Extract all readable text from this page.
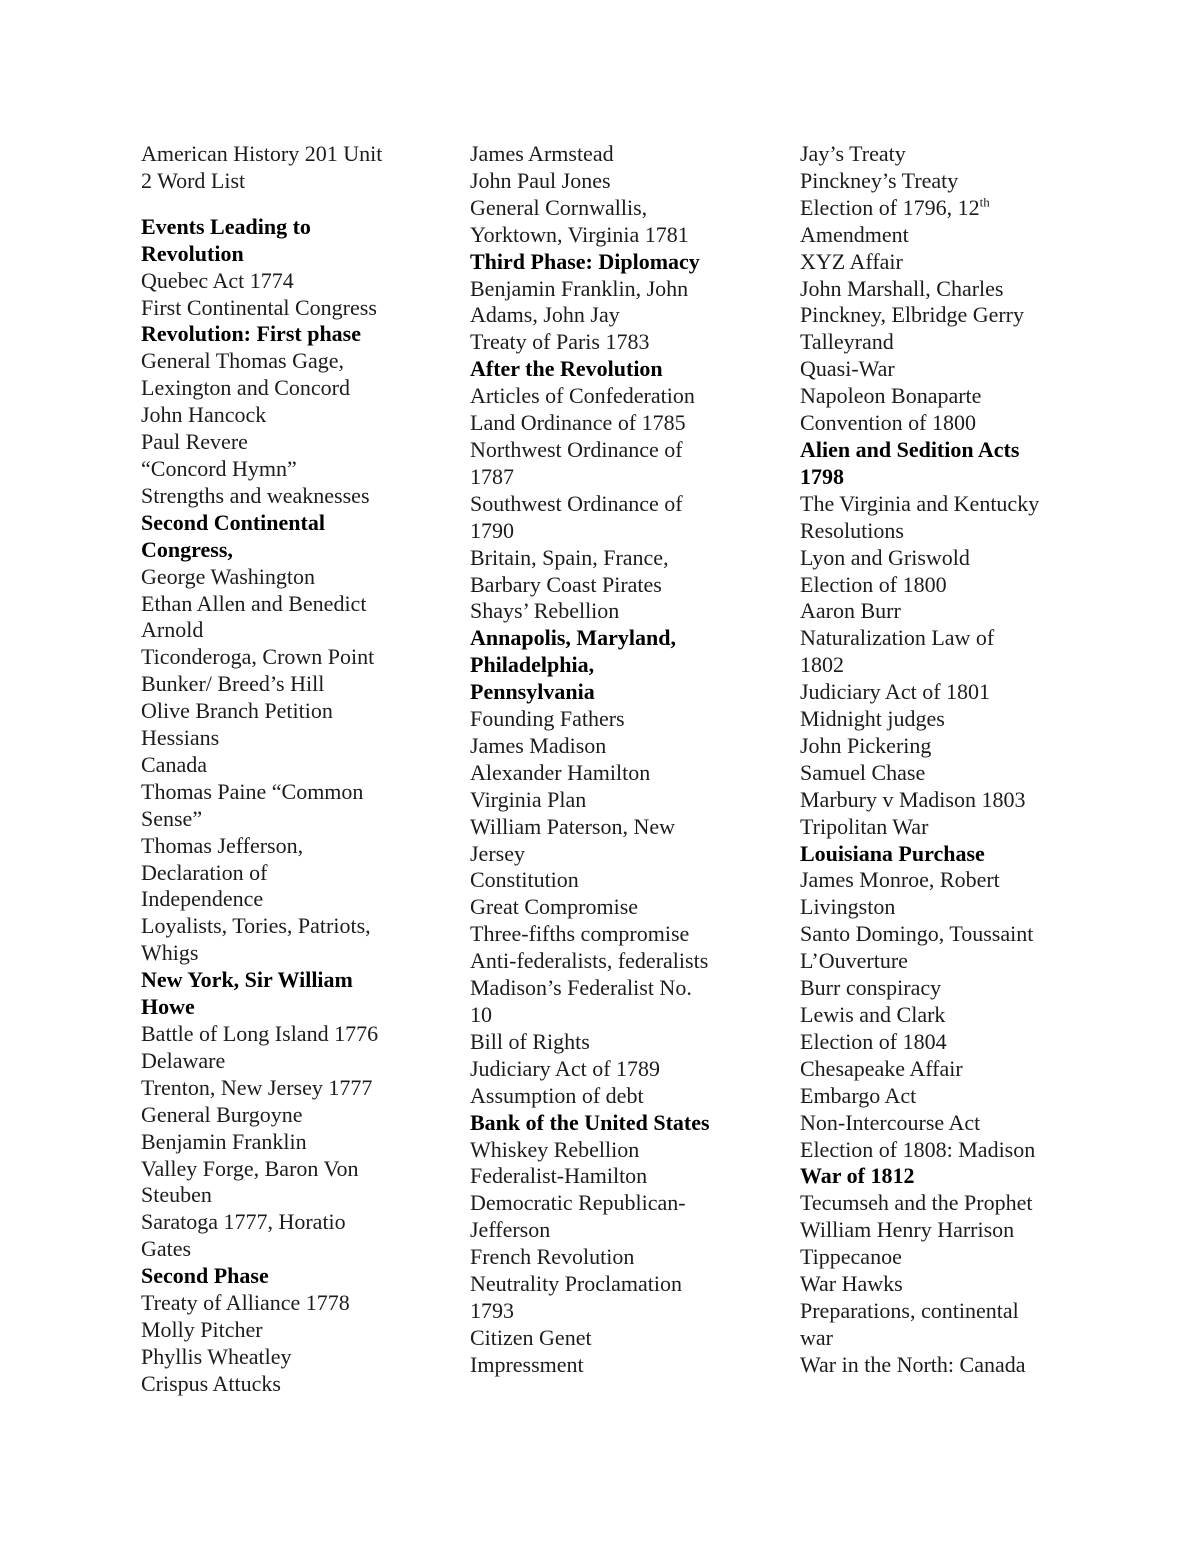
American History 201 Unit
2 Word List
Events Leading to
Revolution
Quebec Act 1774
First Continental Congress
Revolution: First phase
General Thomas Gage,
Lexington and Concord
John Hancock
Paul Revere
“Concord Hymn”
Strengths and weaknesses
Second Continental
Congress,
George Washington
Ethan Allen and Benedict
Arnold
Ticonderoga, Crown Point
Bunker/ Breed’s Hill
Olive Branch Petition
Hessians
Canada
Thomas Paine “Common
Sense”
Thomas Jefferson,
Declaration of
Independence
Loyalists, Tories, Patriots,
Whigs
New York, Sir William
Howe
Battle of Long Island 1776
Delaware
Trenton, New Jersey 1777
General Burgoyne
Benjamin Franklin
Valley Forge, Baron Von
Steuben
Saratoga 1777, Horatio
Gates
Second Phase
Treaty of Alliance 1778
Molly Pitcher
Phyllis Wheatley
Crispus Attucks
James Armstead
John Paul Jones
General Cornwallis,
Yorktown, Virginia 1781
Third Phase: Diplomacy
Benjamin Franklin, John
Adams, John Jay
Treaty of Paris 1783
After the Revolution
Articles of Confederation
Land Ordinance of 1785
Northwest Ordinance of
1787
Southwest Ordinance of
1790
Britain, Spain, France,
Barbary Coast Pirates
Shays’ Rebellion
Annapolis, Maryland,
Philadelphia,
Pennsylvania
Founding Fathers
James Madison
Alexander Hamilton
Virginia Plan
William Paterson, New
Jersey
Constitution
Great Compromise
Three-fifths compromise
Anti-federalists, federalists
Madison’s Federalist No.
10
Bill of Rights
Judiciary Act of 1789
Assumption of debt
Bank of the United States
Whiskey Rebellion
Federalist-Hamilton
Democratic Republican-
Jefferson
French Revolution
Neutrality Proclamation
1793
Citizen Genet
Impressment
Jay’s Treaty
Pinckney’s Treaty
Election of 1796, 12th
Amendment
XYZ Affair
John Marshall, Charles
Pinckney, Elbridge Gerry
Talleyrand
Quasi-War
Napoleon Bonaparte
Convention of 1800
Alien and Sedition Acts
1798
The Virginia and Kentucky
Resolutions
Lyon and Griswold
Election of 1800
Aaron Burr
Naturalization Law of
1802
Judiciary Act of 1801
Midnight judges
John Pickering
Samuel Chase
Marbury v Madison 1803
Tripolitan War
Louisiana Purchase
James Monroe, Robert
Livingston
Santo Domingo, Toussaint
L’Ouverture
Burr conspiracy
Lewis and Clark
Election of 1804
Chesapeake Affair
Embargo Act
Non-Intercourse Act
Election of 1808: Madison
War of 1812
Tecumseh and the Prophet
William Henry Harrison
Tippecanoe
War Hawks
Preparations, continental
war
War in the North: Canada
